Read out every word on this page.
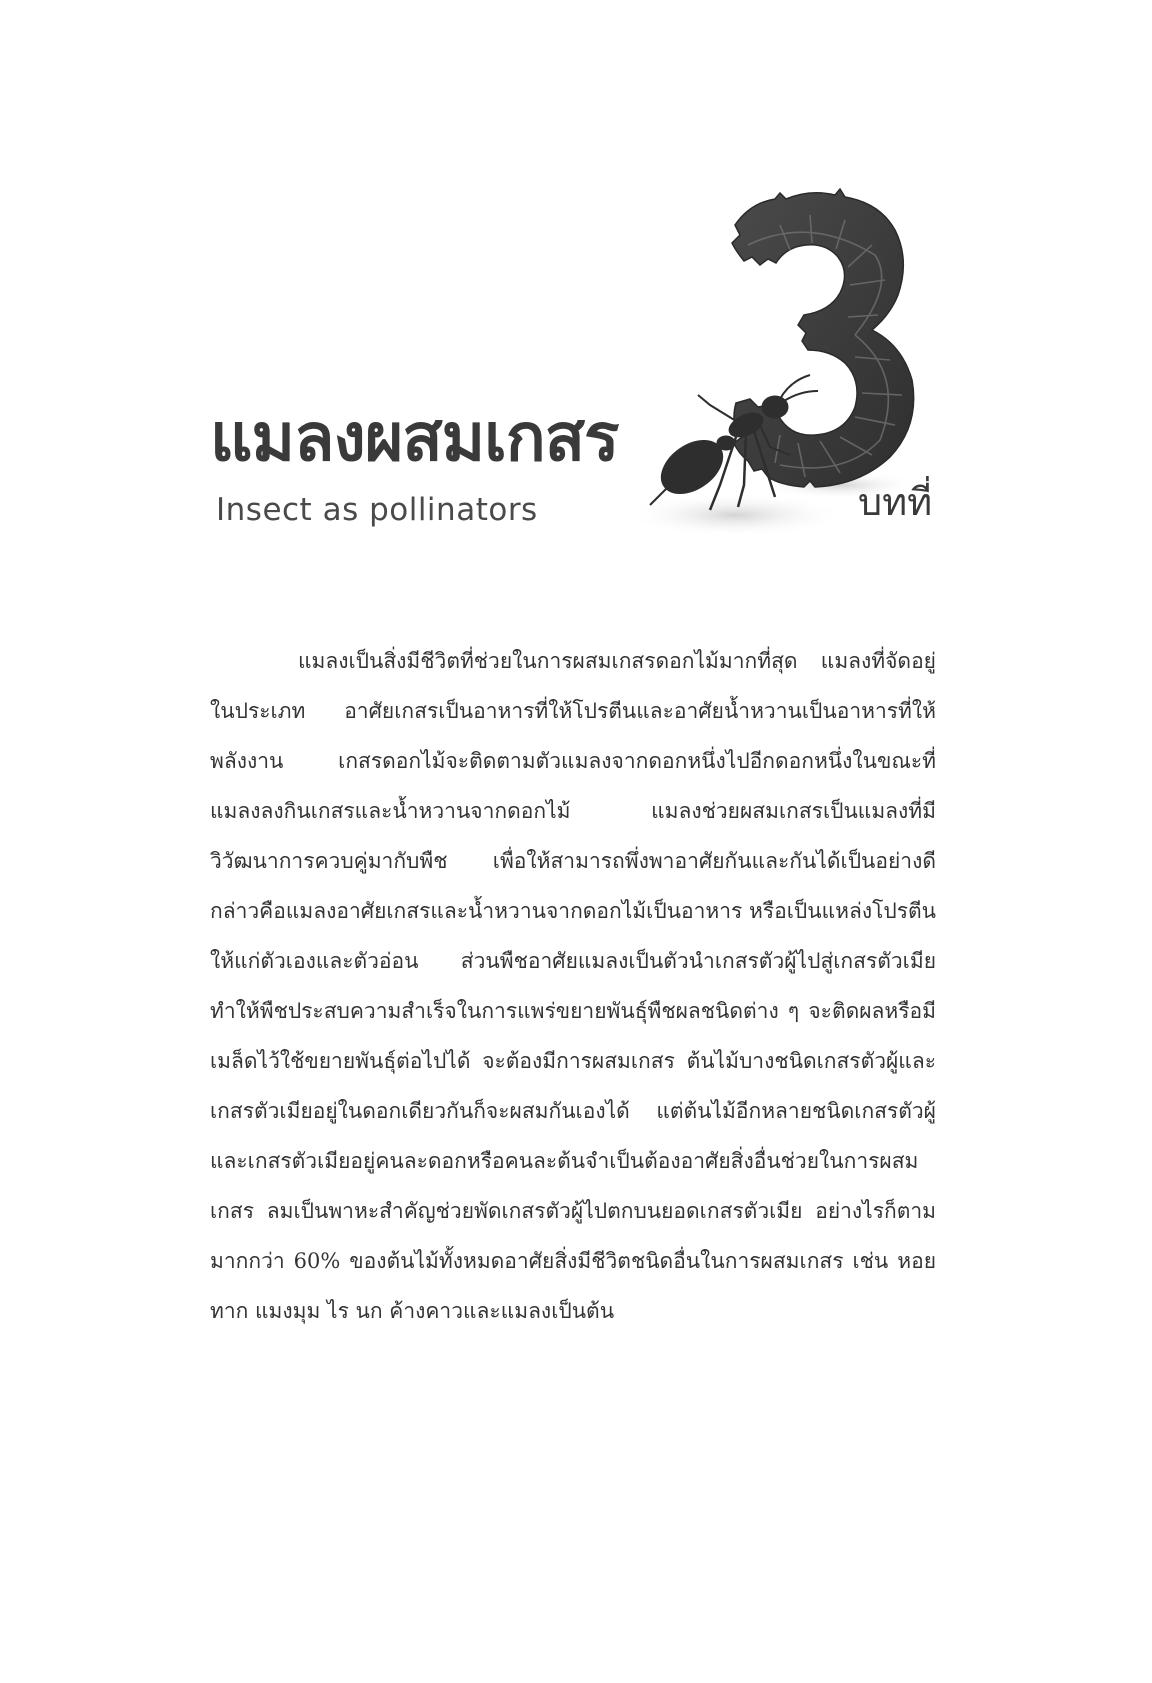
แมลงผสมเกสร

Insect as pollinators	บทที่

แมลงเป็นสิ่งมีชีวิตที่ช่วยในการผสมเกสรดอกไม้มากที่สุด แมลงที่จัดอยู่ในประเภท อาศัยเกสรเป็นอาหารที่ให้โปรตีนและอาศัยน้ำหวานเป็นอาหารที่ให้พลังงาน เกสรดอกไม้จะติดตามตัวแมลงจากดอกหนึ่งไปอีกดอกหนึ่งในขณะที่แมลงลงกินเกสรและน้ำหวานจากดอกไม้ แมลงช่วยผสมเกสรเป็นแมลงที่มีวิวัฒนาการควบคู่มากับพืช เพื่อให้สามารถพึ่งพาอาศัยกันและกันได้เป็นอย่างดี กล่าวคือแมลงอาศัยเกสรและน้ำหวานจากดอกไม้เป็นอาหาร หรือเป็นแหล่งโปรตีนให้แก่ตัวเองและตัวอ่อน ส่วนพืชอาศัยแมลงเป็นตัวนำเกสรตัวผู้ไปสู่เกสรตัวเมีย ทำให้พืชประสบความสำเร็จในการแพร่ขยายพันธุ์พืชผลชนิดต่าง ๆ จะติดผลหรือมีเมล็ดไว้ใช้ขยายพันธุ์ต่อไปได้ จะต้องมีการผสมเกสร ต้นไม้บางชนิดเกสรตัวผู้และเกสรตัวเมียอยู่ในดอกเดียวกันก็จะผสมกันเองได้ แต่ต้นไม้อีกหลายชนิดเกสรตัวผู้และเกสรตัวเมียอยู่คนละดอกหรือคนละต้นจำเป็นต้องอาศัยสิ่งอื่นช่วยในการผสมเกสร ลมเป็นพาหะสำคัญช่วยพัดเกสรตัวผู้ไปตกบนยอดเกสรตัวเมีย อย่างไรก็ตามมากกว่า 60% ของต้นไม้ทั้งหมดอาศัยสิ่งมีชีวิตชนิดอื่นในการผสมเกสร เช่น หอย ทาก แมงมุม ไร นก ค้างคาวและแมลงเป็นต้น
